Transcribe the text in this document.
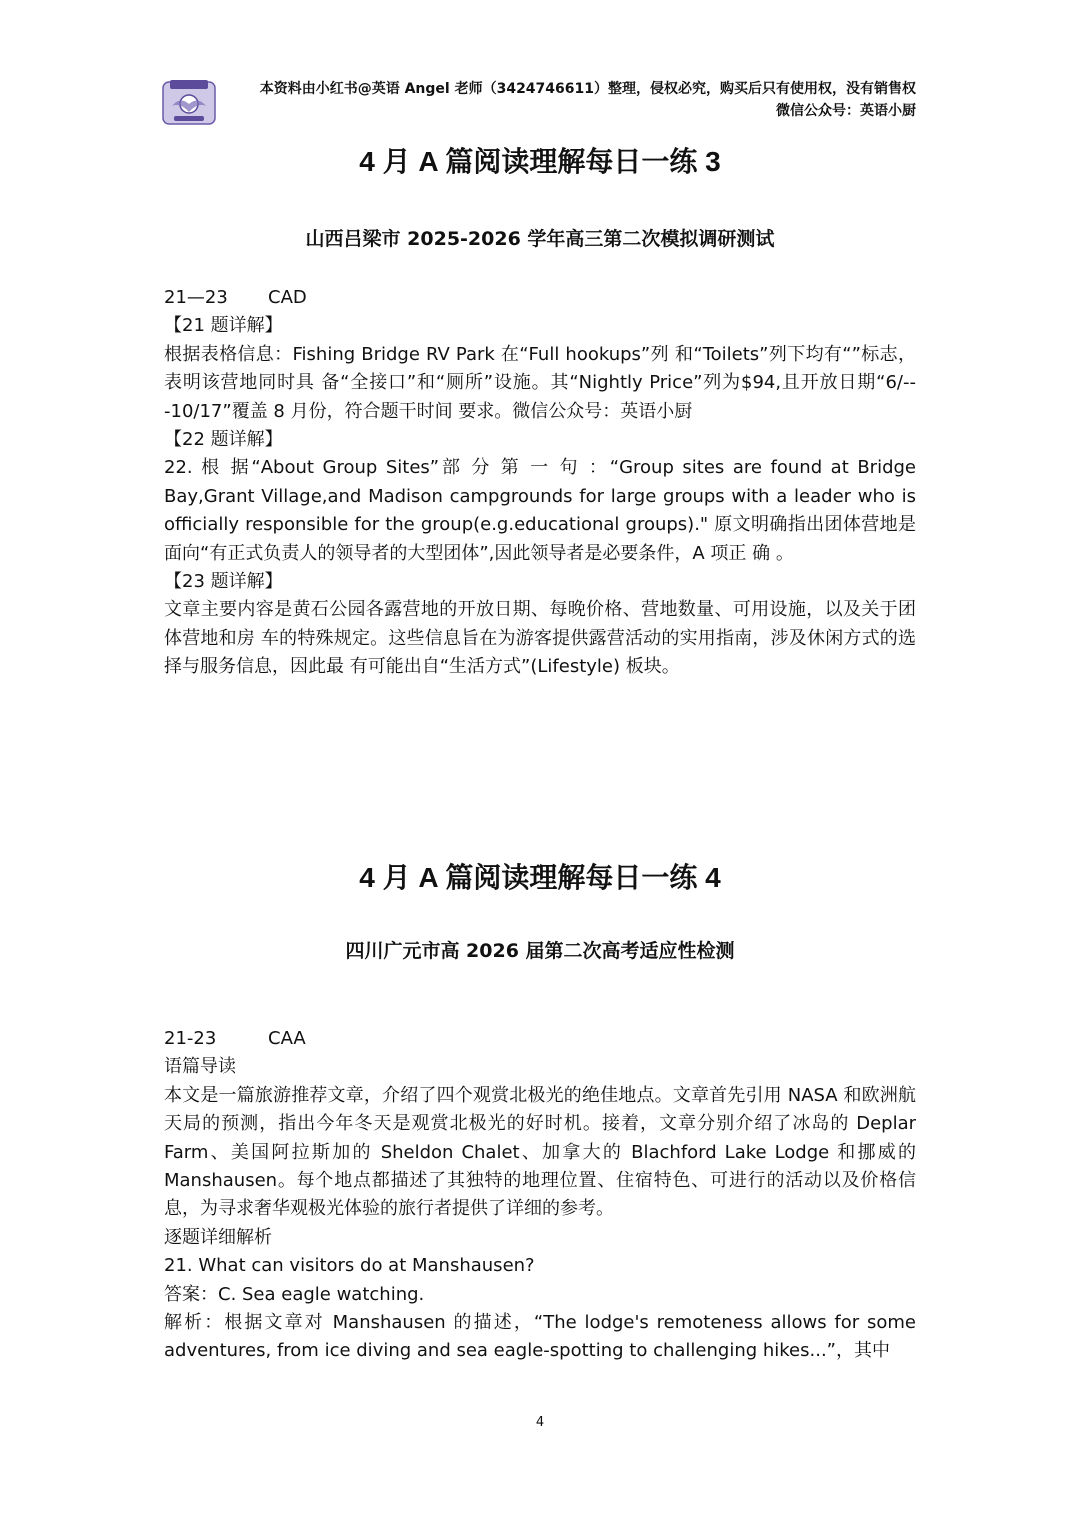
本资料由小红书@英语 Angel 老师（3424746611）整理，侵权必究，购买后只有使用权，没有销售权
微信公众号：英语小厨
4 月 A 篇阅读理解每日一练 3
山西吕梁市 2025-2026 学年高三第二次模拟调研测试

21—23 CAD

【21 题详解】

根据表格信息：Fishing Bridge RV Park 在“Full hookups”列 和“Toilets”列下均有“”标志，表明该营地同时具 备“全接口”和“厕所”设施。其“Nightly Price”列为$94,且开放日期“6/---10/17”覆盖 8 月份，符合题干时间 要求。微信公众号：英语小厨

【22 题详解】

22. 根 据“About Group Sites”部 分 第 一 句 ：“Group sites are found at Bridge Bay,Grant Village,and Madison campgrounds for large groups with a leader who is officially responsible for the group(e.g.educational groups)." 原文明确指出团体营地是面向“有正式负责人的领导者的大型团体”,因此领导者是必要条件，A 项正 确 。

【23 题详解】

文章主要内容是黄石公园各露营地的开放日期、每晚价格、营地数量、可用设施，以及关于团体营地和房 车的特殊规定。这些信息旨在为游客提供露营活动的实用指南，涉及休闲方式的选择与服务信息，因此最 有可能出自“生活方式”(Lifestyle) 板块。

4 月 A 篇阅读理解每日一练 4
四川广元市高 2026 届第二次高考适应性检测

21-23	CAA

语篇导读

本文是一篇旅游推荐文章，介绍了四个观赏北极光的绝佳地点。文章首先引用 NASA 和欧洲航天局的预测，指出今年冬天是观赏北极光的好时机。接着，文章分别介绍了冰岛的 Deplar Farm、美国阿拉斯加的 Sheldon Chalet、加拿大的 Blachford Lake Lodge 和挪威的 Manshausen。每个地点都描述了其独特的地理位置、住宿特色、可进行的活动以及价格信息，为寻求奢华观极光体验的旅行者提供了详细的参考。

逐题详细解析

21. What can visitors do at Manshausen?

答案：C. Sea eagle watching.

解析：根据文章对 Manshausen 的描述，“The lodge's remoteness allows for some adventures, from ice diving and sea eagle-spotting to challenging hikes...”，其中

4
